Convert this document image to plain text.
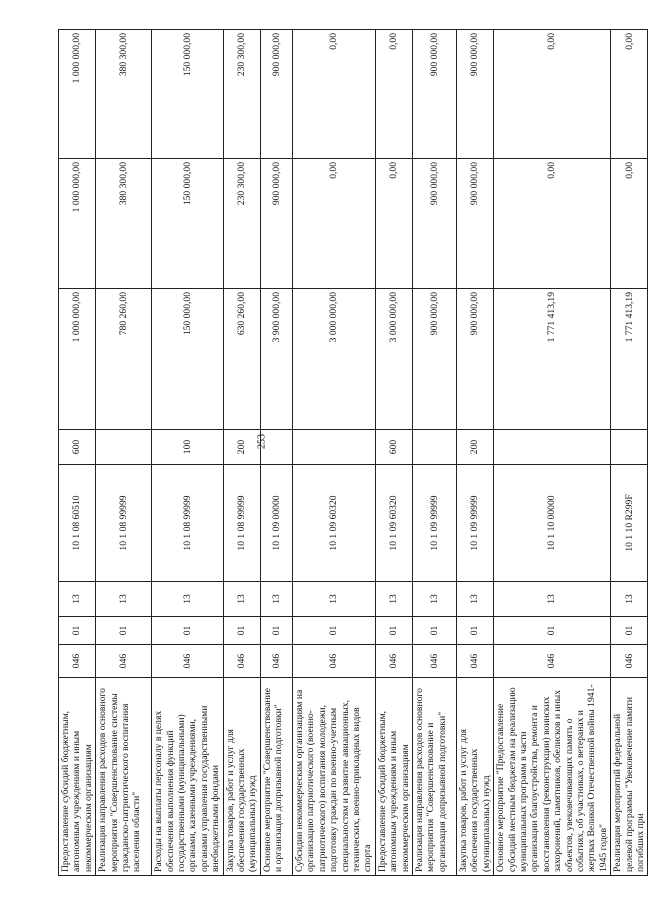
253
Предоставление субсидий бюджетным, автономным учреждениям и иным некоммерческим организациям	046	01	13	10 1 08 60510	600	1 000 000,00	1 000 000,00	1 000 000,00
Реализация направления расходов основного мероприятия "Совершенствование системы гражданско-патриотического воспитания населения области"	046	01	13	10 1 08 99999		780 260,00	380 300,00	380 300,00
Расходы на выплаты персоналу в целях обеспечения выполнения функций государственными (муниципальными) органами, казенными учреждениями, органами управления государственными внебюджетными фондами	046	01	13	10 1 08 99999	100	150 000,00	150 000,00	150 000,00
Закупка товаров, работ и услуг для обеспечения государственных (муниципальных) нужд	046	01	13	10 1 08 99999	200	630 260,00	230 300,00	230 300,00
Основное мероприятие "Совершенствование и организация допризывной подготовки"	046	01	13	10 1 09 00000		3 900 000,00	900 000,00	900 000,00
Субсидии некоммерческим организациям на организацию патриотического (военно-патриотического) воспитания молодежи, подготовку граждан по военно-учетным специальностям и развитие авиационных, технических, военно-прикладных видов спорта	046	01	13	10 1 09 60320		3 000 000,00	0,00	0,00
Предоставление субсидий бюджетным, автономным учреждениям и иным некоммерческим организациям	046	01	13	10 1 09 60320	600	3 000 000,00	0,00	0,00
Реализация направления расходов основного мероприятия "Совершенствование и организация допризывной подготовки"	046	01	13	10 1 09 99999		900 000,00	900 000,00	900 000,00
Закупка товаров, работ и услуг для обеспечения государственных (муниципальных) нужд	046	01	13	10 1 09 99999	200	900 000,00	900 000,00	900 000,00
Основное мероприятие "Предоставление субсидий местным бюджетам на реализацию муниципальных программ в части организации благоустройства, ремонта и восстановления (реконструкции) воинских захоронений, памятников, обелисков и иных объектов, увековечивающих память о событиях, об участниках, о ветеранах и жертвах Великой Отечественной войны 1941-1945 годов"	046	01	13	10 1 10 00000		1 771 413,19	0,00	0,00
Реализация мероприятий федеральной целевой программы "Увековечение памяти погибших при	046	01	13	10 1 10 R299F		1 771 413,19	0,00	0,00
